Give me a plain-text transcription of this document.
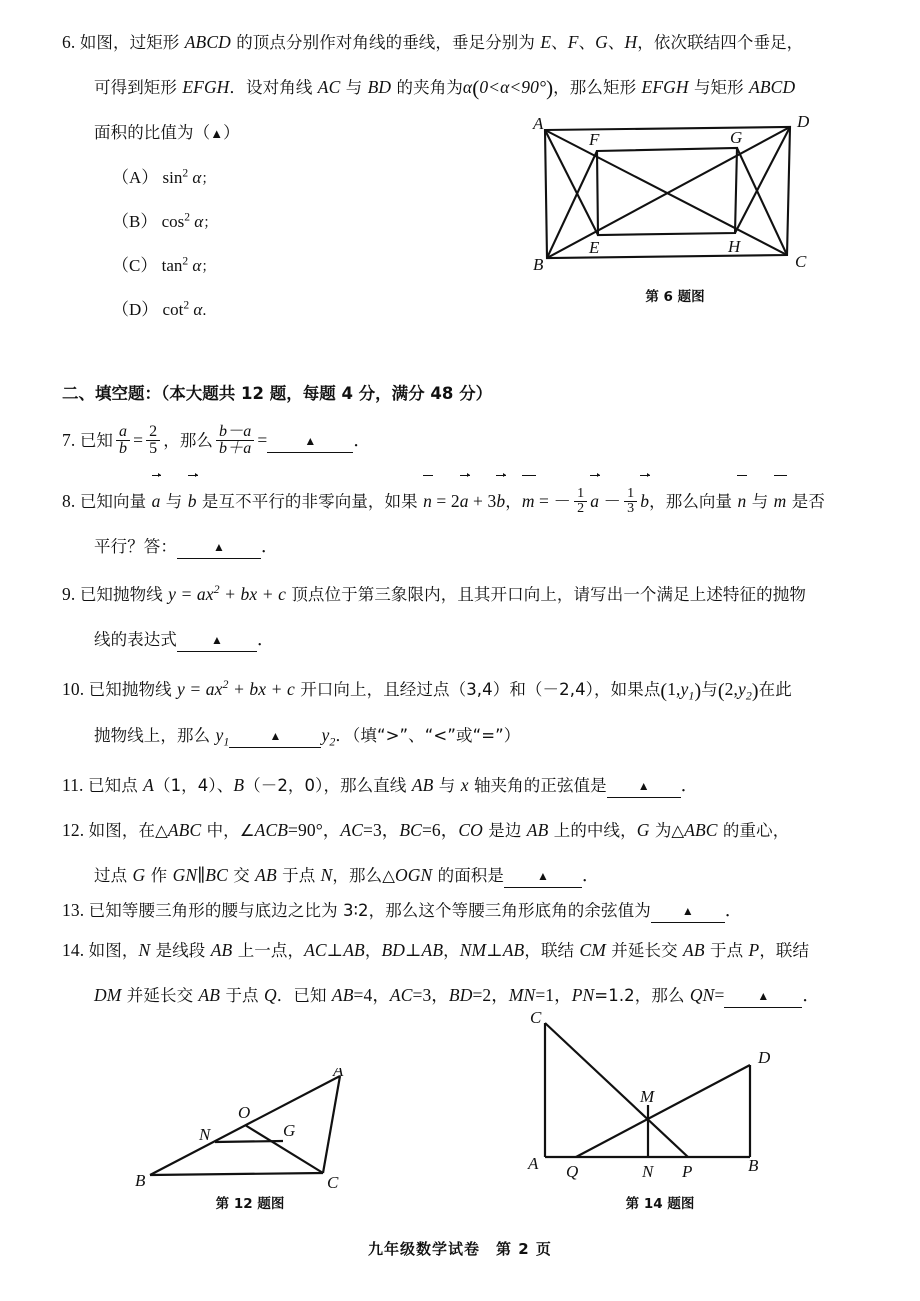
6. 如图，过矩形 ABCD 的顶点分别作对角线的垂线，垂足分别为 E、F、G、H，依次联结四个垂足，
可得到矩形 EFGH．设对角线 AC 与 BD 的夹角为α(0<α<90°)，那么矩形 EFGH 与矩形 ABCD
面积的比值为（▲）
（A） $\sin^2 \alpha$；
（B） $\cos^2 \alpha$；
（C） $\tan^2 \alpha$；
（D） $\cot^2 \alpha$．
A	D
B	C
F	G
E	H
第 6 题图
二、填空题：（本大题共 12 题，每题 4 分，满分 48 分）
7. 已知 $\frac{a}{b} = \frac{2}{5}$ ，那么 $\frac{b-a}{b+a}$ =	▲ ．
8. 已知向量 a 与 b 是互不平行的非零向量，如果 n = 2a + 3b，m = － $\frac{1}{2}$ $a - \frac{1}{3}$ b，那么向量 n 与 m 是否
平行？答：	▲ ．
9. 已知抛物线 $y = ax^2$ + bx + c 顶点位于第三象限内，且其开口向上，请写出一个满足上述特征的抛物
线的表达式	▲ ．
10. 已知抛物线 $y = ax^2$ + bx + c 开口向上，且经过点（3,4）和（－2,4），如果点$(1,y_1)$与$(2,y_2)$在此
抛物线上，那么 $y_1$	▲ $y_2$．（填“>”、“<”或“=”）
11. 已知点 A（1，4）、B（－2，0），那么直线 AB 与 x 轴夹角的正弦值是	▲ ．
12. 如图，在△ABC 中，∠ACB=90°，AC=3，BC=6，CO 是边 AB 上的中线，G 为△ABC 的重心，
过点 G 作 GN∥BC 交 AB 于点 N，那么△OGN 的面积是	▲ ．
13. 已知等腰三角形的腰与底边之比为 3∶2，那么这个等腰三角形底角的余弦值为	▲ ．
14. 如图，N 是线段 AB 上一点，AC⊥AB，BD⊥AB，NM⊥AB，联结 CM 并延长交 AB 于点 P，联结
DM 并延长交 AB 于点 Q．已知 AB=4，AC=3，BD=2，MN=1，PN=1.2，那么 QN=	▲ ．
A
B	C
O
N	G
第 12 题图
C
D
A	B
M
N P
Q
第 14 题图
九年级数学试卷　第 2 页
